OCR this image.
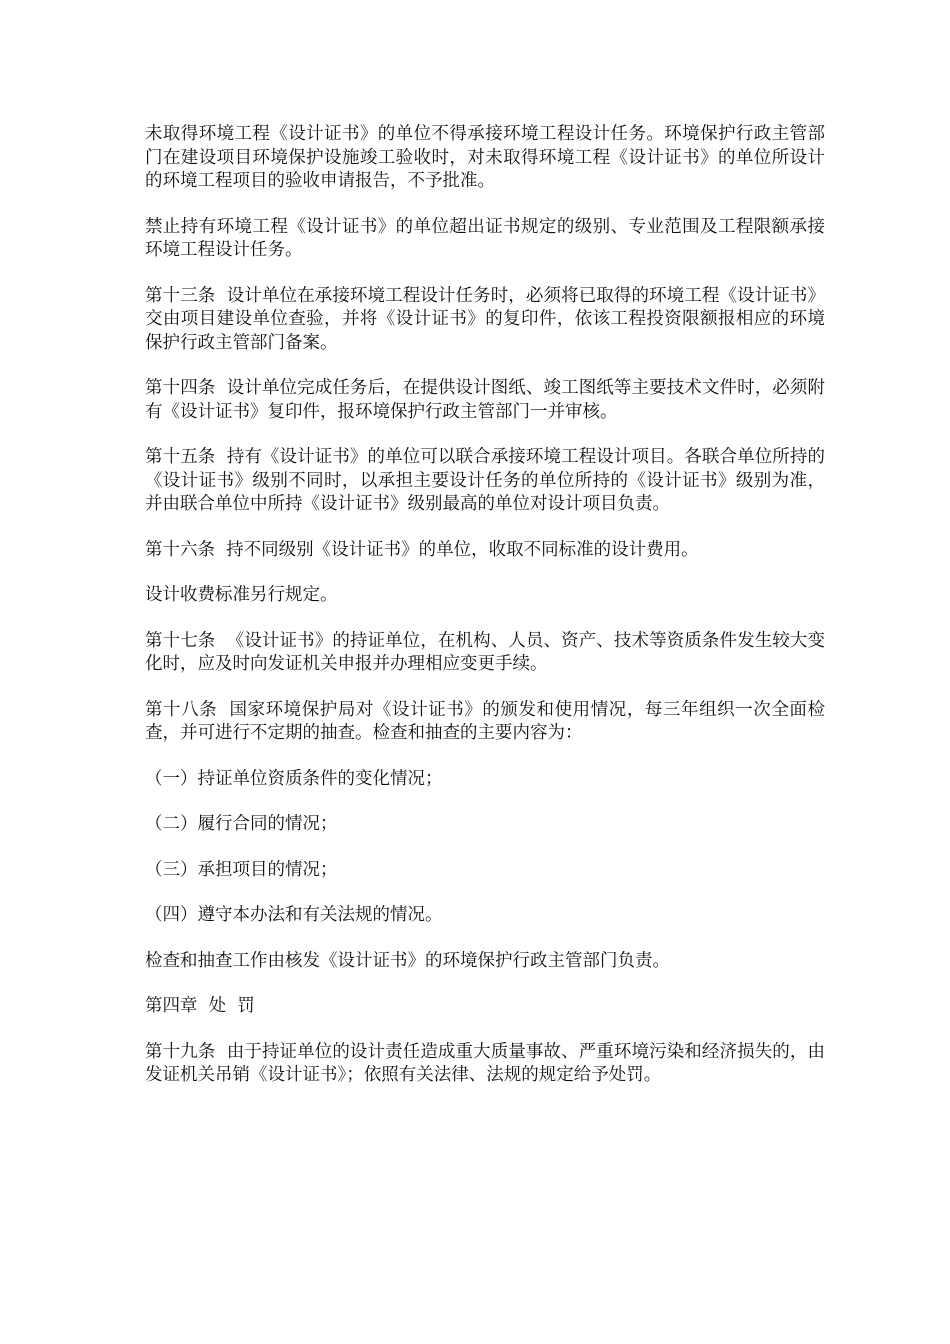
未取得环境工程《设计证书》的单位不得承接环境工程设计任务。环境保护行政主管部门在建设项目环境保护设施竣工验收时，对未取得环境工程《设计证书》的单位所设计的环境工程项目的验收申请报告，不予批准。

禁止持有环境工程《设计证书》的单位超出证书规定的级别、专业范围及工程限额承接环境工程设计任务。

第十三条  设计单位在承接环境工程设计任务时，必须将已取得的环境工程《设计证书》交由项目建设单位查验，并将《设计证书》的复印件，依该工程投资限额报相应的环境保护行政主管部门备案。

第十四条  设计单位完成任务后，在提供设计图纸、竣工图纸等主要技术文件时，必须附有《设计证书》复印件，报环境保护行政主管部门一并审核。

第十五条  持有《设计证书》的单位可以联合承接环境工程设计项目。各联合单位所持的《设计证书》级别不同时，以承担主要设计任务的单位所持的《设计证书》级别为准，并由联合单位中所持《设计证书》级别最高的单位对设计项目负责。

第十六条  持不同级别《设计证书》的单位，收取不同标准的设计费用。

设计收费标准另行规定。

第十七条  《设计证书》的持证单位，在机构、人员、资产、技术等资质条件发生较大变化时，应及时向发证机关申报并办理相应变更手续。

第十八条  国家环境保护局对《设计证书》的颁发和使用情况，每三年组织一次全面检查，并可进行不定期的抽查。检查和抽查的主要内容为：

（一）持证单位资质条件的变化情况；

（二）履行合同的情况；

（三）承担项目的情况；

（四）遵守本办法和有关法规的情况。

检查和抽查工作由核发《设计证书》的环境保护行政主管部门负责。

第四章  处  罚

第十九条  由于持证单位的设计责任造成重大质量事故、严重环境污染和经济损失的，由发证机关吊销《设计证书》；依照有关法律、法规的规定给予处罚。
